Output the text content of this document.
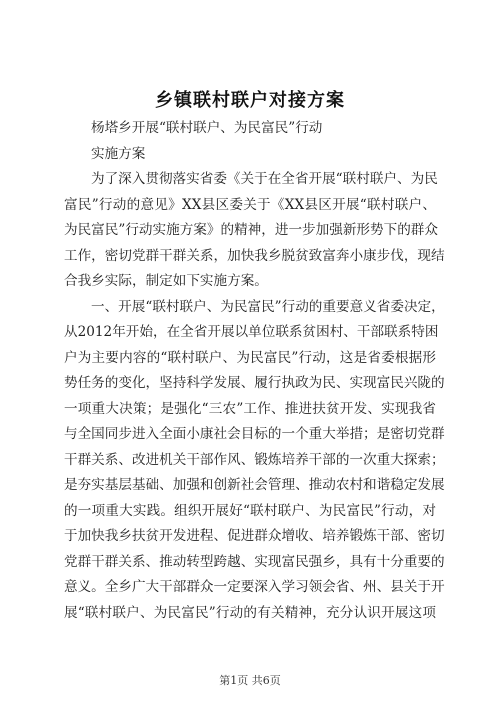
乡镇联村联户对接方案
杨塔乡开展“联村联户、为民富民”行动
实施方案
为了深入贯彻落实省委《关于在全省开展“联村联户、为民
富民”行动的意见》XX县区委关于《XX县区开展“联村联户、
为民富民”行动实施方案》的精神，进一步加强新形势下的群众
工作，密切党群干群关系，加快我乡脱贫致富奔小康步伐，现结
合我乡实际，制定如下实施方案。
一、开展“联村联户、为民富民”行动的重要意义省委决定，
从2012年开始，在全省开展以单位联系贫困村、干部联系特困
户为主要内容的“联村联户、为民富民”行动，这是省委根据形
势任务的变化，坚持科学发展、履行执政为民、实现富民兴陇的
一项重大决策；是强化“三农”工作、推进扶贫开发、实现我省
与全国同步进入全面小康社会目标的一个重大举措；是密切党群
干群关系、改进机关干部作风、锻炼培养干部的一次重大探索；
是夯实基层基础、加强和创新社会管理、推动农村和谐稳定发展
的一项重大实践。组织开展好“联村联户、为民富民”行动，对
于加快我乡扶贫开发进程、促进群众增收、培养锻炼干部、密切
党群干群关系、推动转型跨越、实现富民强乡，具有十分重要的
意义。全乡广大干部群众一定要深入学习领会省、州、县关于开
展“联村联户、为民富民”行动的有关精神，充分认识开展这项
第1页 共6页
